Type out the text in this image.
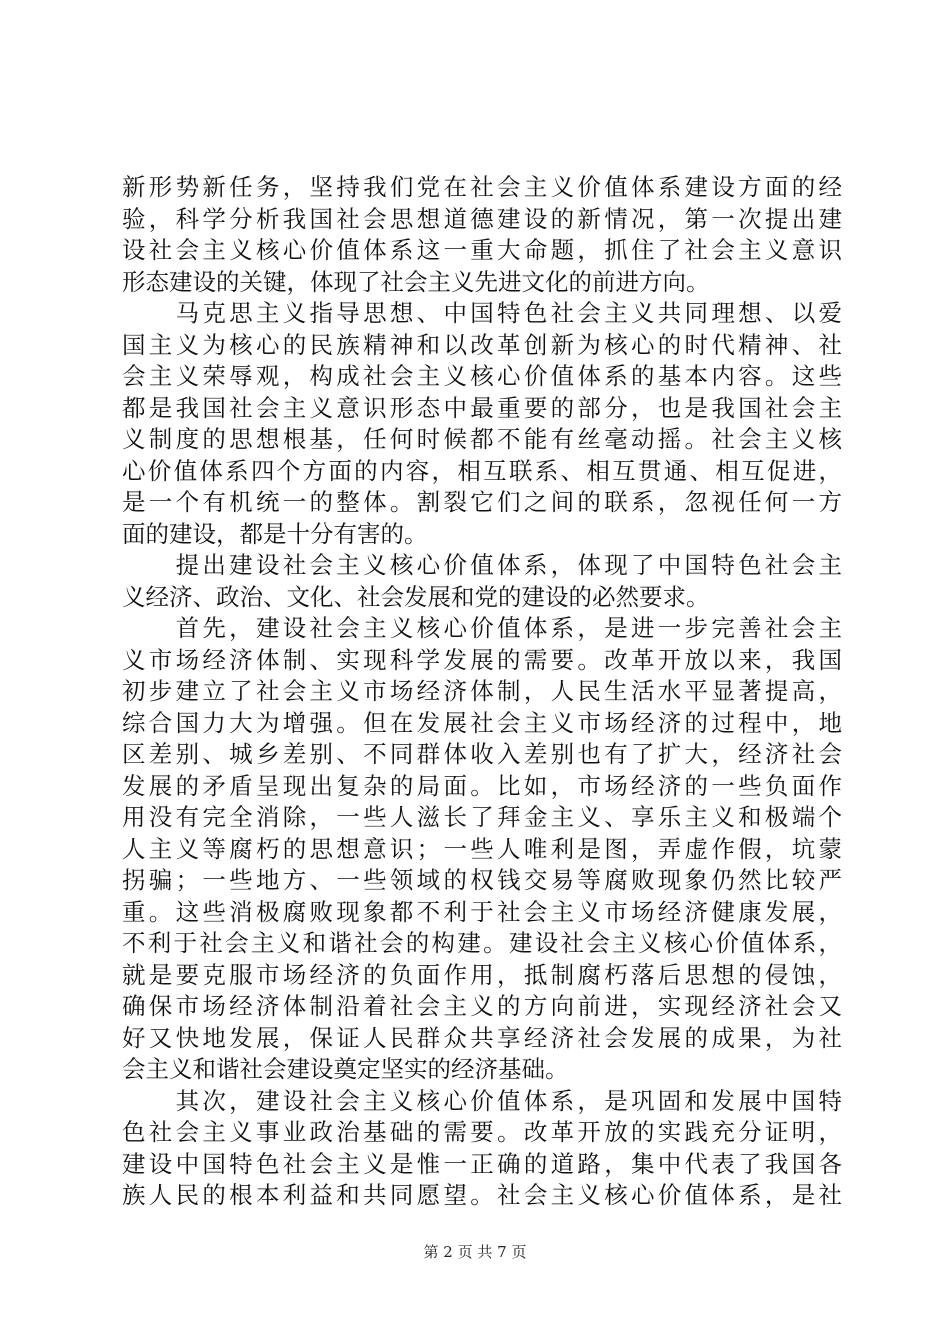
新形势新任务，坚持我们党在社会主义价值体系建设方面的经
验，科学分析我国社会思想道德建设的新情况，第一次提出建
设社会主义核心价值体系这一重大命题，抓住了社会主义意识
形态建设的关键，体现了社会主义先进文化的前进方向。
　　马克思主义指导思想、中国特色社会主义共同理想、以爱
国主义为核心的民族精神和以改革创新为核心的时代精神、社
会主义荣辱观，构成社会主义核心价值体系的基本内容。这些
都是我国社会主义意识形态中最重要的部分，也是我国社会主
义制度的思想根基，任何时候都不能有丝毫动摇。社会主义核
心价值体系四个方面的内容，相互联系、相互贯通、相互促进，
是一个有机统一的整体。割裂它们之间的联系，忽视任何一方
面的建设，都是十分有害的。
　　提出建设社会主义核心价值体系，体现了中国特色社会主
义经济、政治、文化、社会发展和党的建设的必然要求。
　　首先，建设社会主义核心价值体系，是进一步完善社会主
义市场经济体制、实现科学发展的需要。改革开放以来，我国
初步建立了社会主义市场经济体制，人民生活水平显著提高，
综合国力大为增强。但在发展社会主义市场经济的过程中，地
区差别、城乡差别、不同群体收入差别也有了扩大，经济社会
发展的矛盾呈现出复杂的局面。比如，市场经济的一些负面作
用没有完全消除，一些人滋长了拜金主义、享乐主义和极端个
人主义等腐朽的思想意识；一些人唯利是图，弄虚作假，坑蒙
拐骗；一些地方、一些领域的权钱交易等腐败现象仍然比较严
重。这些消极腐败现象都不利于社会主义市场经济健康发展，
不利于社会主义和谐社会的构建。建设社会主义核心价值体系，
就是要克服市场经济的负面作用，抵制腐朽落后思想的侵蚀，
确保市场经济体制沿着社会主义的方向前进，实现经济社会又
好又快地发展，保证人民群众共享经济社会发展的成果，为社
会主义和谐社会建设奠定坚实的经济基础。
　　其次，建设社会主义核心价值体系，是巩固和发展中国特
色社会主义事业政治基础的需要。改革开放的实践充分证明，
建设中国特色社会主义是惟一正确的道路，集中代表了我国各
族人民的根本利益和共同愿望。社会主义核心价值体系，是社
第 2 页 共 7 页
